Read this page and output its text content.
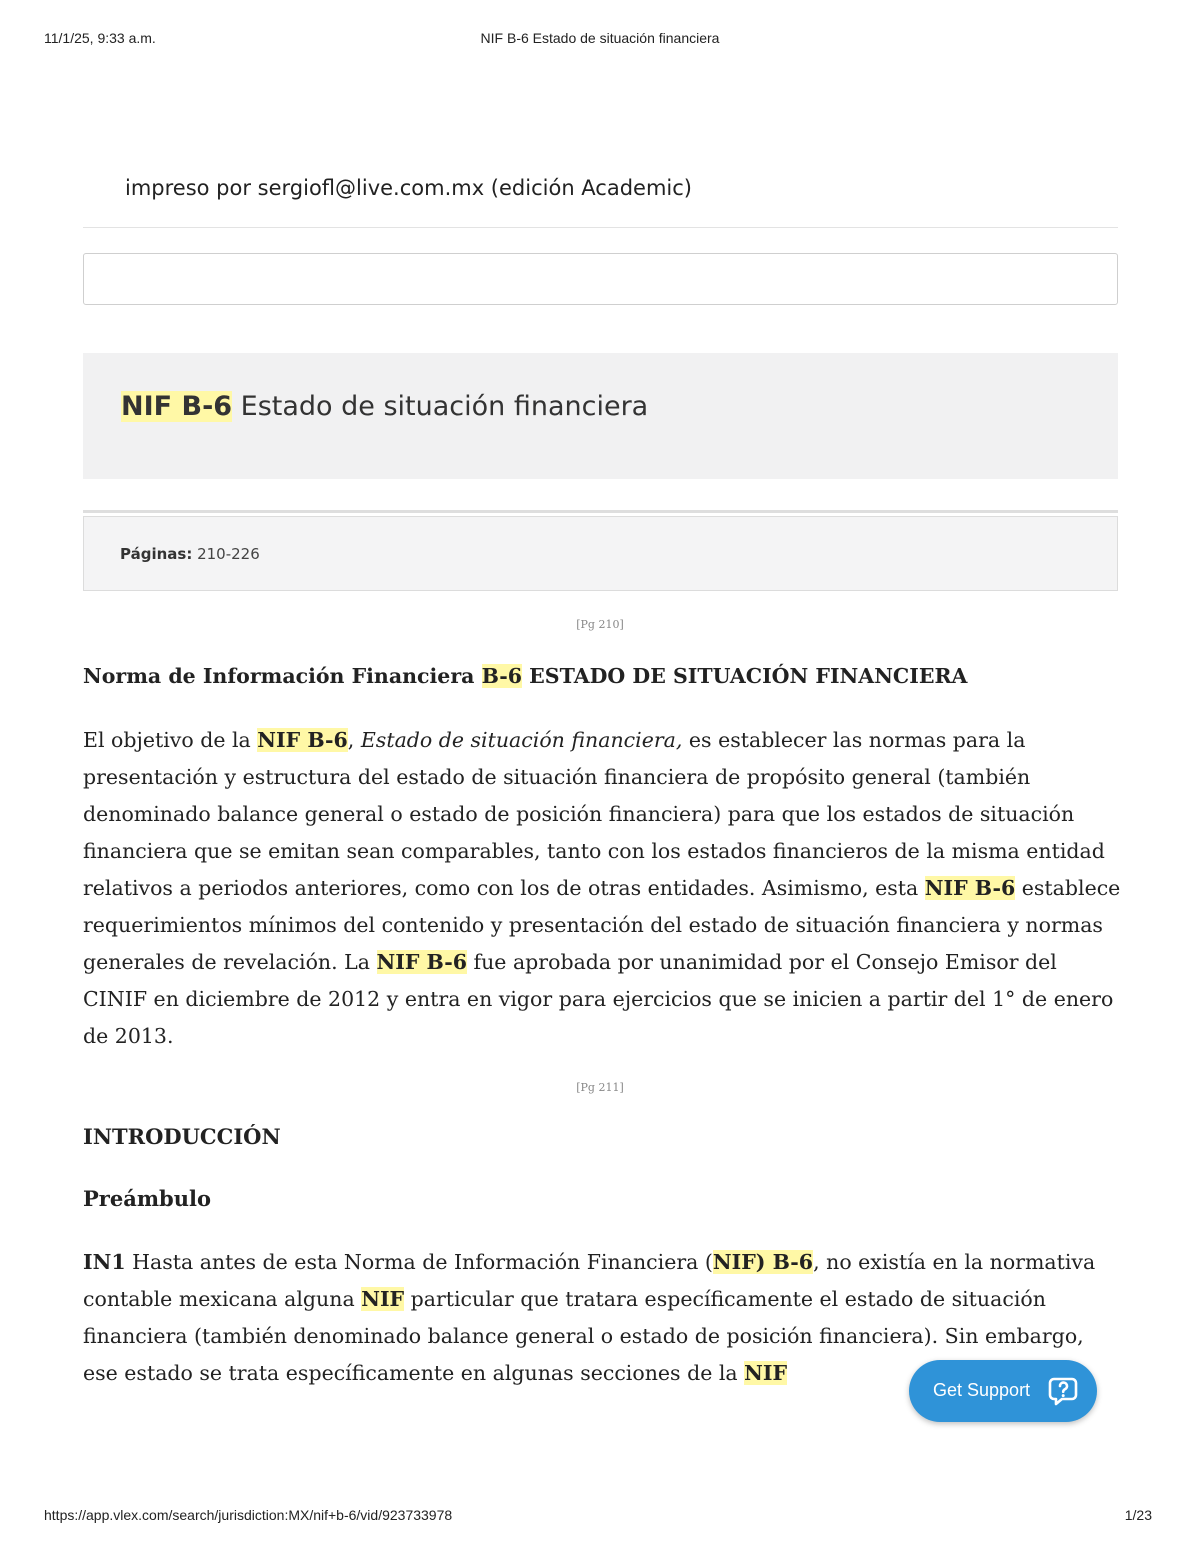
11/1/25, 9:33 a.m.	NIF B-6 Estado de situación financiera
impreso por sergiofl@live.com.mx (edición Academic)
NIF B-6 Estado de situación financiera
Páginas: 210-226
[Pg 210]
Norma de Información Financiera B-6 ESTADO DE SITUACIÓN FINANCIERA
El objetivo de la NIF B-6, Estado de situación financiera, es establecer las normas para la presentación y estructura del estado de situación financiera de propósito general (también denominado balance general o estado de posición financiera) para que los estados de situación financiera que se emitan sean comparables, tanto con los estados financieros de la misma entidad relativos a periodos anteriores, como con los de otras entidades. Asimismo, esta NIF B-6 establece requerimientos mínimos del contenido y presentación del estado de situación financiera y normas generales de revelación. La NIF B-6 fue aprobada por unanimidad por el Consejo Emisor del CINIF en diciembre de 2012 y entra en vigor para ejercicios que se inicien a partir del 1° de enero de 2013.
[Pg 211]
INTRODUCCIÓN
Preámbulo
IN1 Hasta antes de esta Norma de Información Financiera (NIF) B-6, no existía en la normativa contable mexicana alguna NIF particular que tratara específicamente el estado de situación financiera (también denominado balance general o estado de posición financiera). Sin embargo, ese estado se trata específicamente en algunas secciones de la NIF
Get Support
https://app.vlex.com/search/jurisdiction:MX/nif+b-6/vid/923733978	1/23
